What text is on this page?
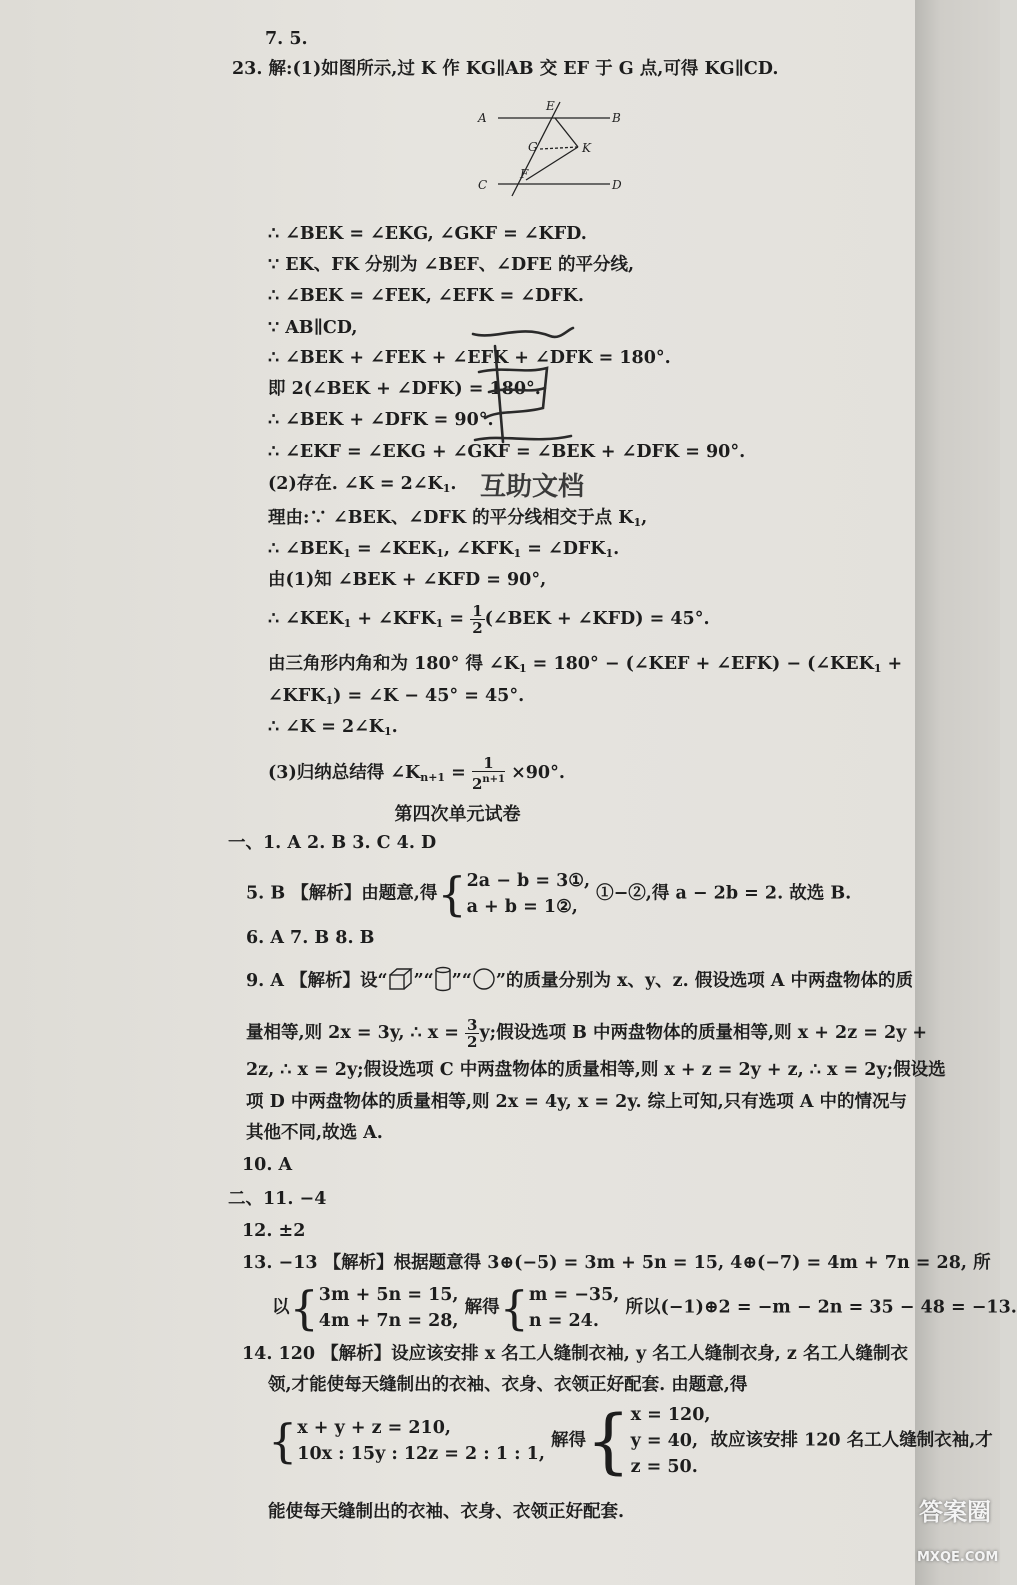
7. 5.
23. 解:(1)如图所示,过 K 作 KG∥AB 交 EF 于 G 点,可得 KG∥CD.
A	B
C	D
E
F
G	K
∴ ∠BEK = ∠EKG, ∠GKF = ∠KFD.
∵ EK、FK 分别为 ∠BEF、∠DFE 的平分线,
∴ ∠BEK = ∠FEK, ∠EFK = ∠DFK.
∵ AB∥CD,
∴ ∠BEK + ∠FEK + ∠EFK + ∠DFK = 180°.
即 2(∠BEK + ∠DFK) = 180°.
∴ ∠BEK + ∠DFK = 90°.
∴ ∠EKF = ∠EKG + ∠GKF = ∠BEK + ∠DFK = 90°.
(2)存在. ∠K = $2\angle K_1$. 互助文档
理由:∵ ∠BEK、∠DFK 的平分线相交于点 $K_1$,
∴ $\angle BEK_1$ = $\angle KEK_1$, $\angle KFK_1$ = $\angle DFK_1$.
由(1)知 ∠BEK + ∠KFD = 90°,
∴ $\angle KEK_1$ + $\angle KFK_1 = \frac{1}{2}$ (∠BEK + ∠KFD) = 45°.
由三角形内角和为 180° 得 $\angle K_1 = 180^\circ$ − (∠KEF + ∠EFK) − ($\angle KEK_1$ +
$\angle KFK_1$) = ∠K − 45° = 45°.
∴ ∠K = $2\angle K_1$.
(3)归纳总结得 $\angle K_{n+1} = \frac{1}{2^{n+1}} \times 90^\circ$.
第四次单元试卷
一、1. A 2. B 3. C 4. D
5. B 【解析】由题意,得{ 2a − b = 3①,
a + b = 1②,
①−②,得 a − 2b = 2. 故选 B.
6. A 7. B 8. B
9. A 【解析】设“ ”“ ”“ ”的质量分别为 x、y、z. 假设选项 A 中两盘物体的质
量相等,则 2x = 3y, ∴ $x = \frac{3}{2} y$;假设选项 B 中两盘物体的质量相等,则 x + 2z = 2y +
2z, ∴ x = 2y;假设选项 C 中两盘物体的质量相等,则 x + z = 2y + z, ∴ x = 2y;假设选
项 D 中两盘物体的质量相等,则 2x = 4y, x = 2y. 综上可知,只有选项 A 中的情况与
其他不同,故选 A.
10. A
二、11. −4
12. ±2
13. −13 【解析】根据题意得 3⊕(−5) = 3m + 5n = 15, 4⊕(−7) = 4m + 7n = 28, 所
以{ 3m + 5n = 15,
4m + 7n = 28,
解得{ m = −35,
n = 24.
所以(−1)⊕2 = −m − 2n = 35 − 48 = −13.
14. 120 【解析】设应该安排 x 名工人缝制衣袖, y 名工人缝制衣身, z 名工人缝制衣
领,才能使每天缝制出的衣袖、衣身、衣领正好配套. 由题意,得
{ x + y + z = 210,
10x : 15y : 12z = 2 : 1 : 1,
解得{ x = 120,
y = 40,
z = 50.
故应该安排 120 名工人缝制衣袖,才
能使每天缝制出的衣袖、衣身、衣领正好配套.	答案圈
MXQE.COM
